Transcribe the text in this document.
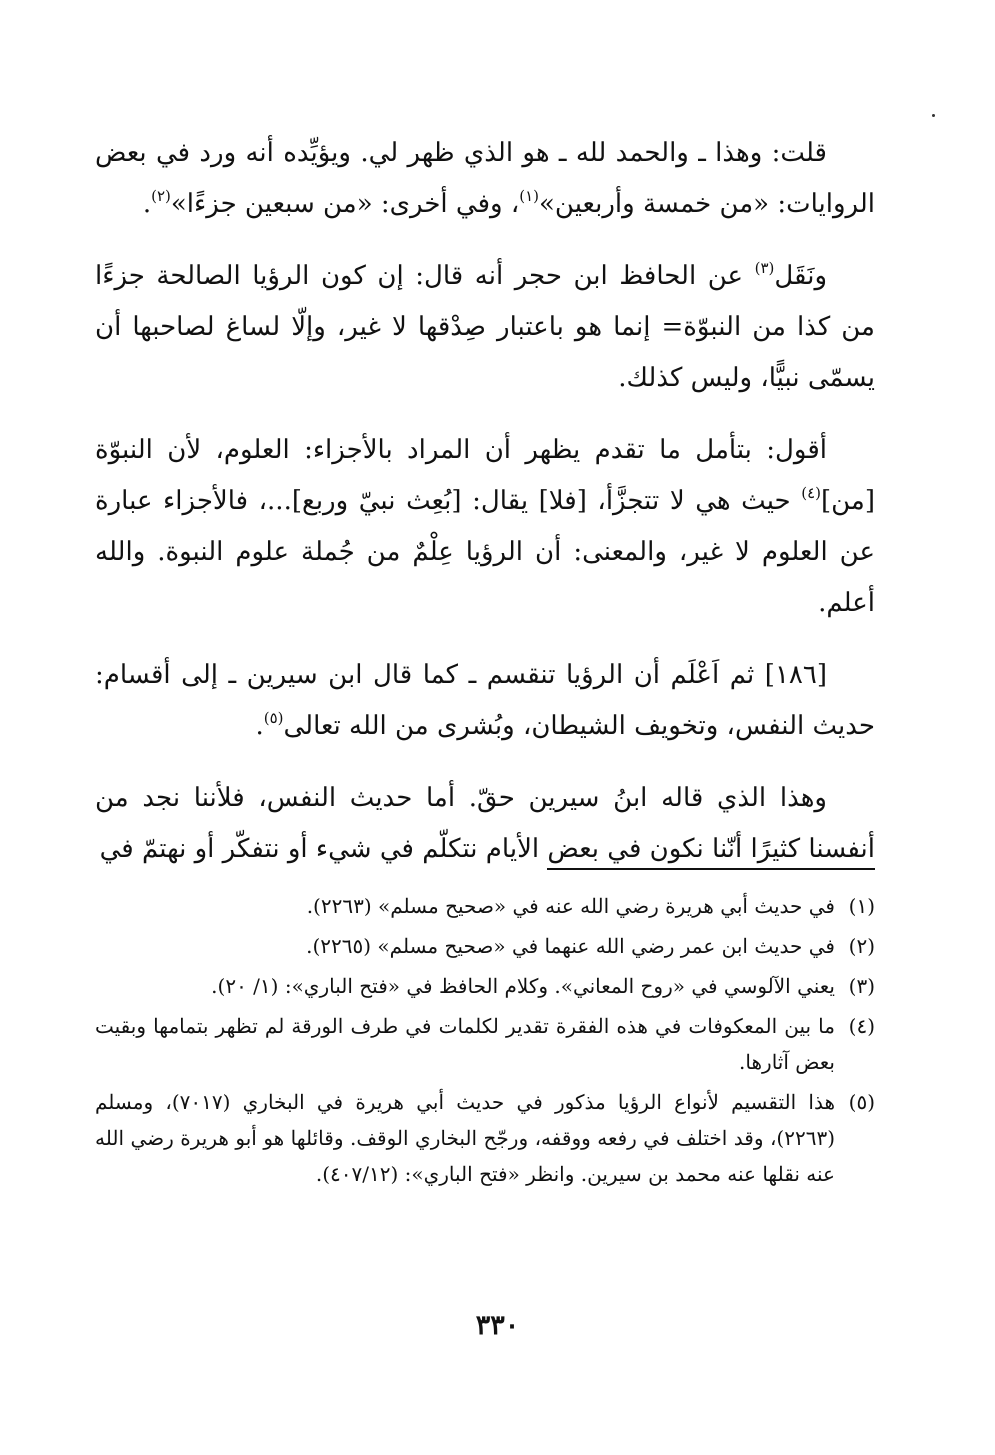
قلت: وهذا ـ والحمد لله ـ هو الذي ظهر لي. ويؤيِّده أنه ورد في بعض الروايات: «من خمسة وأربعين»$^{(١)}$، وفي أخرى: «من سبعين جزءًا»$^{(٢)}$.

ونَقَل$^{(٣)}$ عن الحافظ ابن حجر أنه قال: إن كون الرؤيا الصالحة جزءًا من كذا من النبوّة= إنما هو باعتبار صِدْقها لا غير، وإلّا لساغ لصاحبها أن يسمّى نبيًّا، وليس كذلك.

أقول: بتأمل ما تقدم يظهر أن المراد بالأجزاء: العلوم، لأن النبوّة [من]$^{(٤)}$ حيث هي لا تتجزَّأ، [فلا] يقال: [بُعِث نبيّ وربع]...، فالأجزاء عبارة عن العلوم لا غير، والمعنى: أن الرؤيا عِلْمٌ من جُملة علوم النبوة. والله أعلم.

[١٨٦] ثم اَعْلَم أن الرؤيا تنقسم ـ كما قال ابن سيرين ـ إلى أقسام: حديث النفس، وتخويف الشيطان، وبُشرى من الله تعالى$^{(٥)}$.

وهذا الذي قاله ابنُ سيرين حقّ. أما حديث النفس، فلأننا نجد من أنفسنا كثيرًا أنّنا نكون في بعض الأيام نتكلّم في شيء أو نتفكّر أو نهتمّ في

(١)
في حديث أبي هريرة رضي الله عنه في «صحيح مسلم» (٢٢٦٣).
(٢)
في حديث ابن عمر رضي الله عنهما في «صحيح مسلم» (٢٢٦٥).
(٣)
يعني الآلوسي في «روح المعاني». وكلام الحافظ في «فتح الباري»: (١/ ٢٠).
(٤)
ما بين المعكوفات في هذه الفقرة تقدير لكلمات في طرف الورقة لم تظهر بتمامها وبقيت بعض آثارها.
(٥)
هذا التقسيم لأنواع الرؤيا مذكور في حديث أبي هريرة في البخاري (٧٠١٧)، ومسلم (٢٢٦٣)، وقد اختلف في رفعه ووقفه، ورجّح البخاري الوقف. وقائلها هو أبو هريرة رضي الله عنه نقلها عنه محمد بن سيرين. وانظر «فتح الباري»: (٤٠٧/١٢).
٣٣٠
